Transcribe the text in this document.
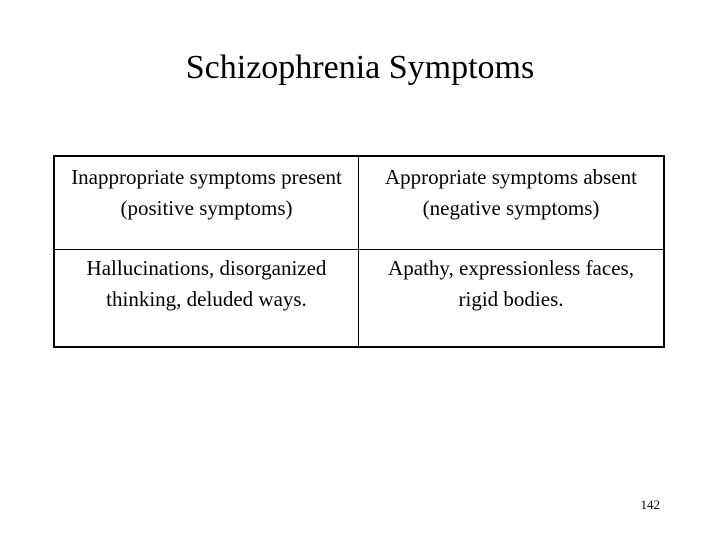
Schizophrenia Symptoms
Inappropriate symptoms present (positive symptoms)
Appropriate symptoms absent (negative symptoms)
Hallucinations, disorganized thinking, deluded ways.
Apathy, expressionless faces, rigid bodies.
142
